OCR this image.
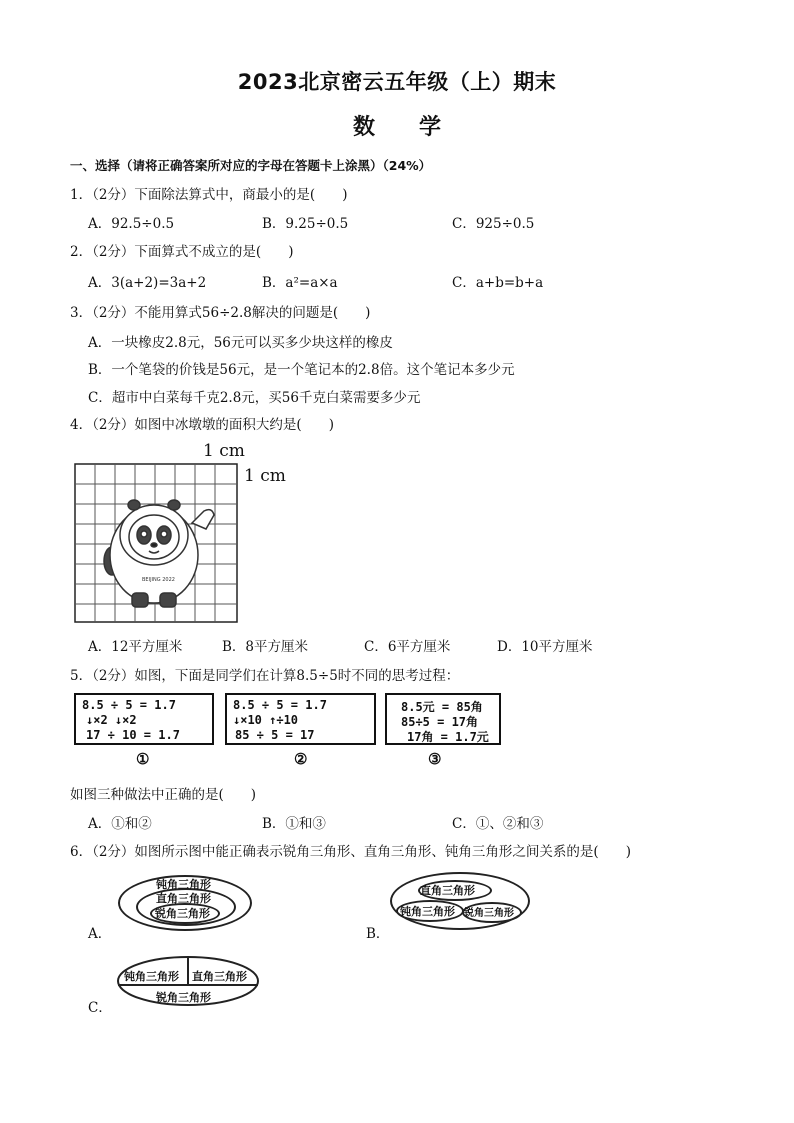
2023北京密云五年级（上）期末
数　　学
一、选择（请将正确答案所对应的字母在答题卡上涂黑）（24%）
1．（2分）下面除法算式中，商最小的是(　　)
A．92.5÷0.5	B．9.25÷0.5	C．925÷0.5
2．（2分）下面算式不成立的是(　　)
A．3(a+2)=3a+2	B．a²=a×a	C．a+b=b+a
3．（2分）不能用算式56÷2.8解决的问题是(　　)
A．一块橡皮2.8元，56元可以买多少块这样的橡皮
B．一个笔袋的价钱是56元，是一个笔记本的2.8倍。这个笔记本多少元
C．超市中白菜每千克2.8元，买56千克白菜需要多少元
4．（2分）如图中冰墩墩的面积大约是(　　)
1 cm
1 cm
BEIJING 2022
A．12平方厘米	B．8平方厘米	C．6平方厘米	D．10平方厘米
5．（2分）如图，下面是同学们在计算8.5÷5时不同的思考过程：
8.5 ÷ 5 = 1.7
↓×2 ↓×2
17 ÷ 10 = 1.7
①
8.5 ÷ 5 = 1.7
↓×10 ↑÷10
85 ÷ 5 = 17
②
8.5元 = 85角
85÷5 = 17角
17角 = 1.7元
③
如图三种做法中正确的是(　　)
A．①和②	B．①和③	C．①、②和③
6．（2分）如图所示图中能正确表示锐角三角形、直角三角形、钝角三角形之间关系的是(　　)
A．
钝角三角形
直角三角形
锐角三角形
B．
直角三角形
钝角三角形 锐角三角形
C．
钝角三角形 直角三角形
锐角三角形
